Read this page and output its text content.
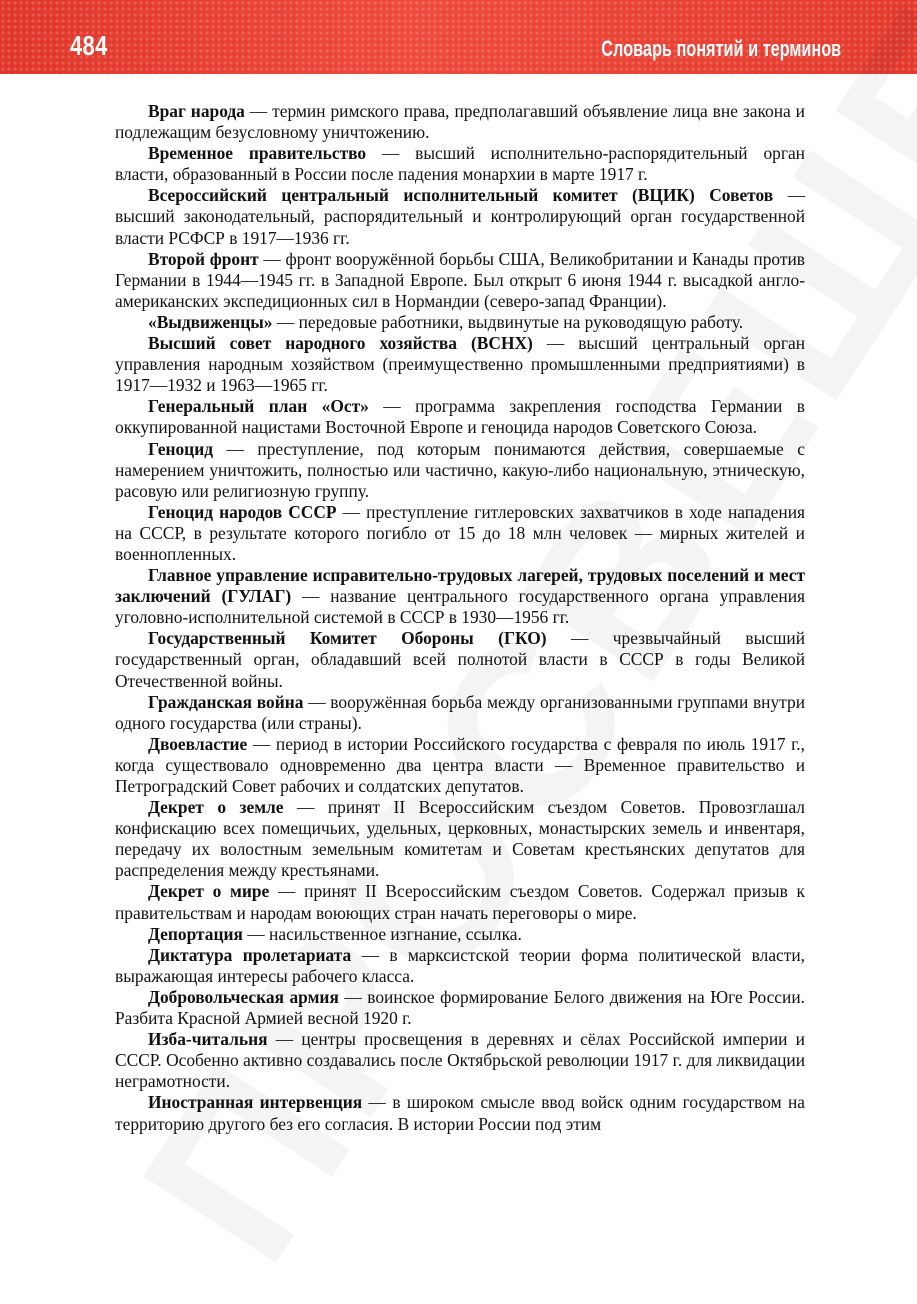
484	Словарь понятий и терминов

Враг народа — термин римского права, предполагавший объявление лица вне закона и подлежащим безусловному уничтожению.

Временное правительство — высший исполнительно-распорядительный орган власти, образованный в России после падения монархии в марте 1917 г.

Всероссийский центральный исполнительный комитет (ВЦИК) Советов — высший законодательный, распорядительный и контролирующий орган государственной власти РСФСР в 1917—1936 гг.

Второй фронт — фронт вооружённой борьбы США, Великобритании и Канады против Германии в 1944—1945 гг. в Западной Европе. Был открыт 6 июня 1944 г. высадкой англо-американских экспедиционных сил в Нормандии (северо-запад Франции).

«Выдвиженцы» — передовые работники, выдвинутые на руководящую работу.

Высший совет народного хозяйства (ВСНХ) — высший центральный орган управления народным хозяйством (преимущественно промышленными предприятиями) в 1917—1932 и 1963—1965 гг.

Генеральный план «Ост» — программа закрепления господства Германии в оккупированной нацистами Восточной Европе и геноцида народов Советского Союза.

Геноцид — преступление, под которым понимаются действия, совершаемые с намерением уничтожить, полностью или частично, какую-либо национальную, этническую, расовую или религиозную группу.

Геноцид народов СССР — преступление гитлеровских захватчиков в ходе нападения на СССР, в результате которого погибло от 15 до 18 млн человек — мирных жителей и военнопленных.

Главное управление исправительно-трудовых лагерей, трудовых поселений и мест заключений (ГУЛАГ) — название центрального государственного органа управления уголовно-исполнительной системой в СССР в 1930—1956 гг.

Государственный Комитет Обороны (ГКО) — чрезвычайный высший государственный орган, обладавший всей полнотой власти в СССР в годы Великой Отечественной войны.

Гражданская война — вооружённая борьба между организованными группами внутри одного государства (или страны).

Двоевластие — период в истории Российского государства с февраля по июль 1917 г., когда существовало одновременно два центра власти — Временное правительство и Петроградский Совет рабочих и солдатских депутатов.

Декрет о земле — принят II Всероссийским съездом Советов. Провозглашал конфискацию всех помещичьих, удельных, церковных, монастырских земель и инвентаря, передачу их волостным земельным комитетам и Советам крестьянских депутатов для распределения между крестьянами.

Декрет о мире — принят II Всероссийским съездом Советов. Содержал призыв к правительствам и народам воюющих стран начать переговоры о мире.

Депортация — насильственное изгнание, ссылка.

Диктатура пролетариата — в марксистской теории форма политической власти, выражающая интересы рабочего класса.

Добровольческая армия — воинское формирование Белого движения на Юге России. Разбита Красной Армией весной 1920 г.

Изба-читальня — центры просвещения в деревнях и сёлах Российской империи и СССР. Особенно активно создавались после Октябрьской революции 1917 г. для ликвидации неграмотности.

Иностранная интервенция — в широком смысле ввод войск одним государством на территорию другого без его согласия. В истории России под этим
